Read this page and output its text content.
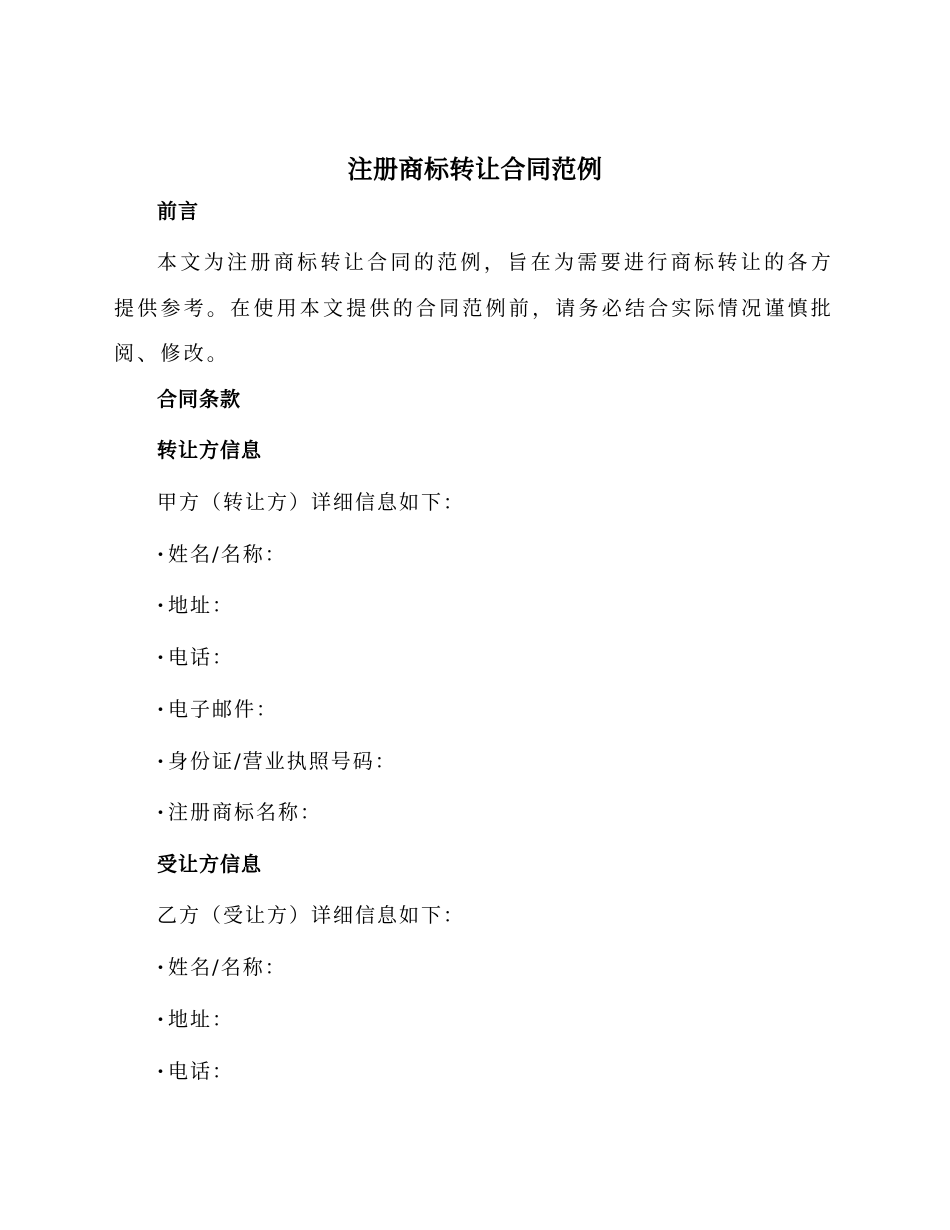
注册商标转让合同范例
前言
本文为注册商标转让合同的范例，旨在为需要进行商标转让的各方提供参考。在使用本文提供的合同范例前，请务必结合实际情况谨慎批阅、修改。
合同条款
转让方信息
甲方（转让方）详细信息如下：
· 姓名/名称：
· 地址：
· 电话：
· 电子邮件：
· 身份证/营业执照号码：
· 注册商标名称：
受让方信息
乙方（受让方）详细信息如下：
· 姓名/名称：
· 地址：
· 电话：
